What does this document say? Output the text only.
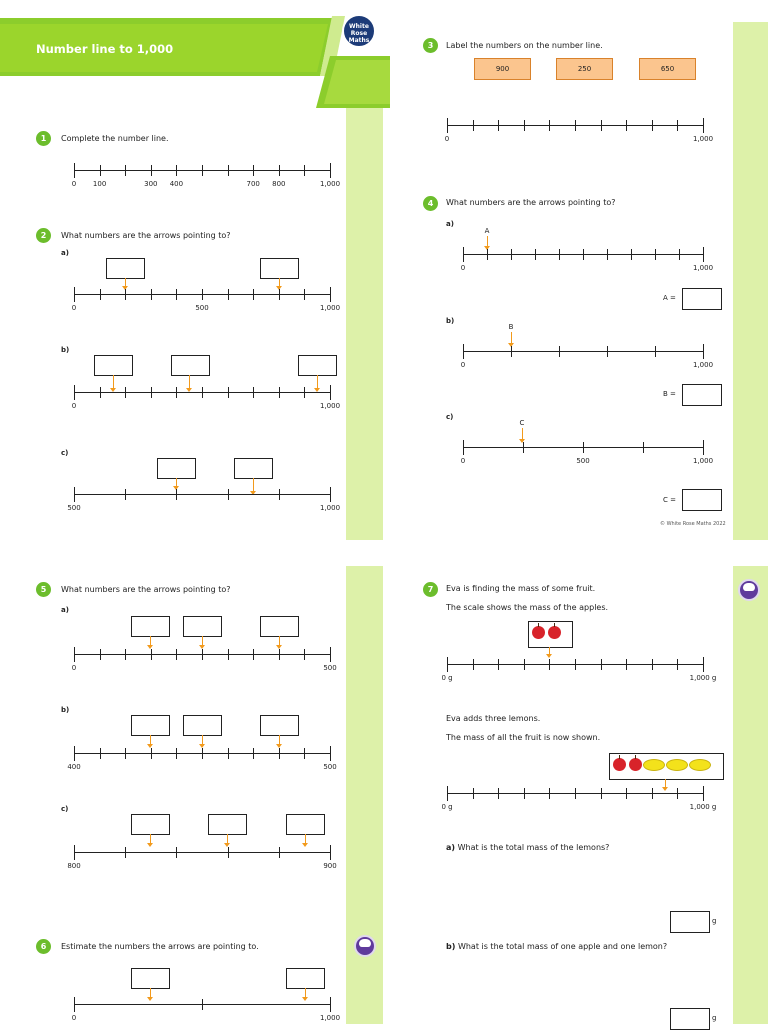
Number line to 1,000
White
Rose
Maths
1	Complete the number line.
0 100	300 400	700 800	1,000
2	What numbers are the arrows pointing to?
a)
0	500	1,000
b)
0	1,000
c)
500	1,000
3	Label the numbers on the number line.
900	250	650
0	1,000
4	What numbers are the arrows pointing to?
a)
A
0	1,000
A =
b)
B
0	1,000
B =
c)
C
0	500	1,000
C =
© White Rose Maths 2022
5	What numbers are the arrows pointing to?
a)
0	500
b)
400	500
c)
800	900
6	Estimate the numbers the arrows are pointing to.
0	1,000
7	Eva is finding the mass of some fruit.
The scale shows the mass of the apples.
0 g	1,000 g
Eva adds three lemons.
The mass of all the fruit is now shown.
0 g	1,000 g
a) What is the total mass of the lemons?
g
b) What is the total mass of one apple and one lemon?
g
